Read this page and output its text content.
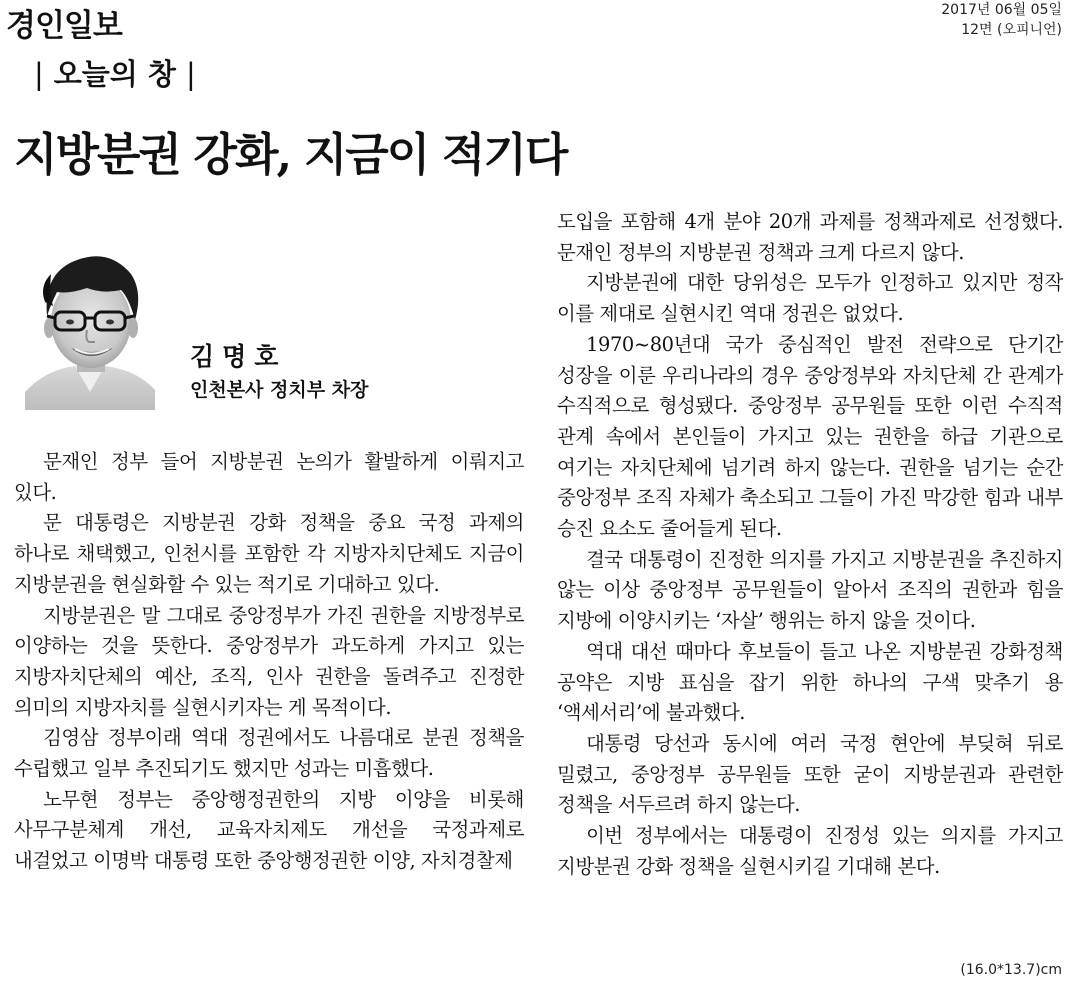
경인일보	2017년 06월 05일
12면 (오피니언)
| 오늘의 창 |
지방분권 강화, 지금이 적기다
김명호
인천본사 정치부 차장

문재인 정부 들어 지방분권 논의가 활발하게 이뤄지고 있다.

문 대통령은 지방분권 강화 정책을 중요 국정 과제의 하나로 채택했고, 인천시를 포함한 각 지방자치단체도 지금이 지방분권을 현실화할 수 있는 적기로 기대하고 있다.

지방분권은 말 그대로 중앙정부가 가진 권한을 지방정부로 이양하는 것을 뜻한다. 중앙정부가 과도하게 가지고 있는 지방자치단체의 예산, 조직, 인사 권한을 돌려주고 진정한 의미의 지방자치를 실현시키자는 게 목적이다.

김영삼 정부이래 역대 정권에서도 나름대로 분권 정책을 수립했고 일부 추진되기도 했지만 성과는 미흡했다.

노무현 정부는 중앙행정권한의 지방 이양을 비롯해 사무구분체계 개선, 교육자치제도 개선을 국정과제로 내걸었고 이명박 대통령 또한 중앙행정권한 이양, 자치경찰제

도입을 포함해 4개 분야 20개 과제를 정책과제로 선정했다. 문재인 정부의 지방분권 정책과 크게 다르지 않다.

지방분권에 대한 당위성은 모두가 인정하고 있지만 정작 이를 제대로 실현시킨 역대 정권은 없었다.

1970~80년대 국가 중심적인 발전 전략으로 단기간 성장을 이룬 우리나라의 경우 중앙정부와 자치단체 간 관계가 수직적으로 형성됐다. 중앙정부 공무원들 또한 이런 수직적 관계 속에서 본인들이 가지고 있는 권한을 하급 기관으로 여기는 자치단체에 넘기려 하지 않는다. 권한을 넘기는 순간 중앙정부 조직 자체가 축소되고 그들이 가진 막강한 힘과 내부 승진 요소도 줄어들게 된다.

결국 대통령이 진정한 의지를 가지고 지방분권을 추진하지 않는 이상 중앙정부 공무원들이 알아서 조직의 권한과 힘을 지방에 이양시키는 ‘자살’ 행위는 하지 않을 것이다.

역대 대선 때마다 후보들이 들고 나온 지방분권 강화정책 공약은 지방 표심을 잡기 위한 하나의 구색 맞추기 용 ‘액세서리’에 불과했다.

대통령 당선과 동시에 여러 국정 현안에 부딪혀 뒤로 밀렸고, 중앙정부 공무원들 또한 굳이 지방분권과 관련한 정책을 서두르려 하지 않는다.

이번 정부에서는 대통령이 진정성 있는 의지를 가지고 지방분권 강화 정책을 실현시키길 기대해 본다.

(16.0*13.7)cm
